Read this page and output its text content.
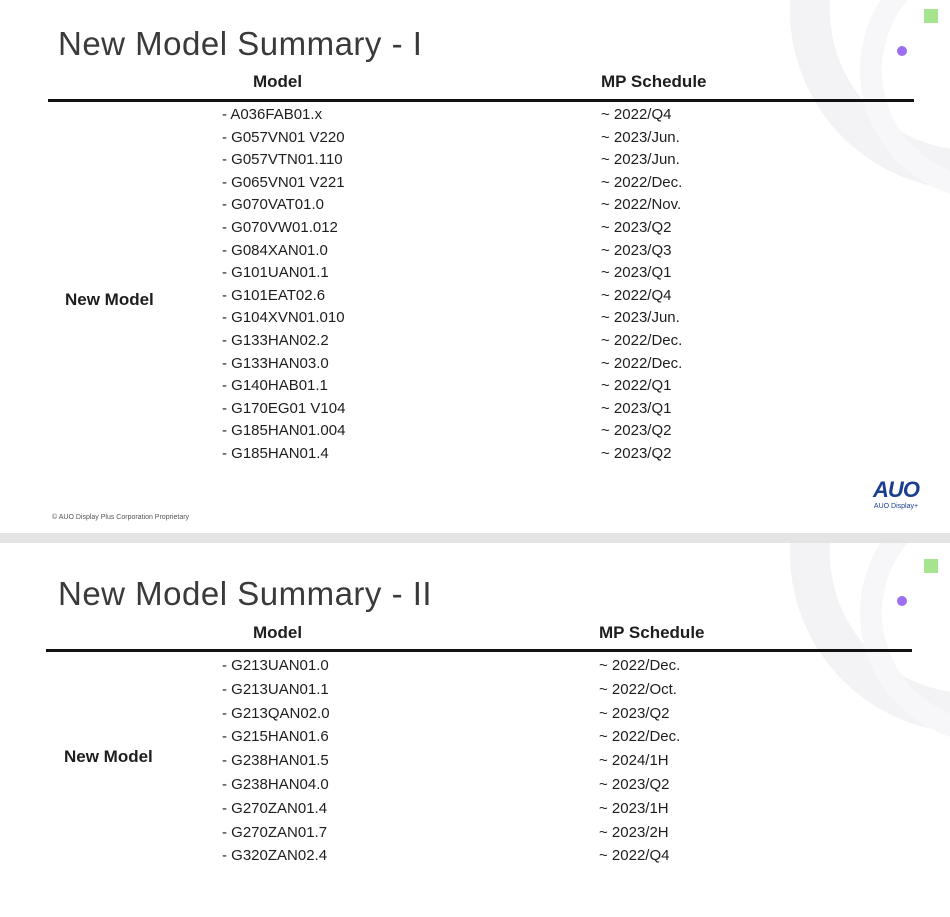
New Model Summary - I
Model	MP Schedule
New Model
- A036FAB01.x
- G057VN01 V220
- G057VTN01.110
- G065VN01 V221
- G070VAT01.0
- G070VW01.012
- G084XAN01.0
- G101UAN01.1
- G101EAT02.6
- G104XVN01.010
- G133HAN02.2
- G133HAN03.0
- G140HAB01.1
- G170EG01 V104
- G185HAN01.004
- G185HAN01.4
~ 2022/Q4
~ 2023/Jun.
~ 2023/Jun.
~ 2022/Dec.
~ 2022/Nov.
~ 2023/Q2
~ 2023/Q3
~ 2023/Q1
~ 2022/Q4
~ 2023/Jun.
~ 2022/Dec.
~ 2022/Dec.
~ 2022/Q1
~ 2023/Q1
~ 2023/Q2
~ 2023/Q2
© AUO Display Plus Corporation Proprietary
AUO
AUO Display+
New Model Summary - II
Model	MP Schedule
New Model
- G213UAN01.0
- G213UAN01.1
- G213QAN02.0
- G215HAN01.6
- G238HAN01.5
- G238HAN04.0
- G270ZAN01.4
- G270ZAN01.7
- G320ZAN02.4
~ 2022/Dec.
~ 2022/Oct.
~ 2023/Q2
~ 2022/Dec.
~ 2024/1H
~ 2023/Q2
~ 2023/1H
~ 2023/2H
~ 2022/Q4
